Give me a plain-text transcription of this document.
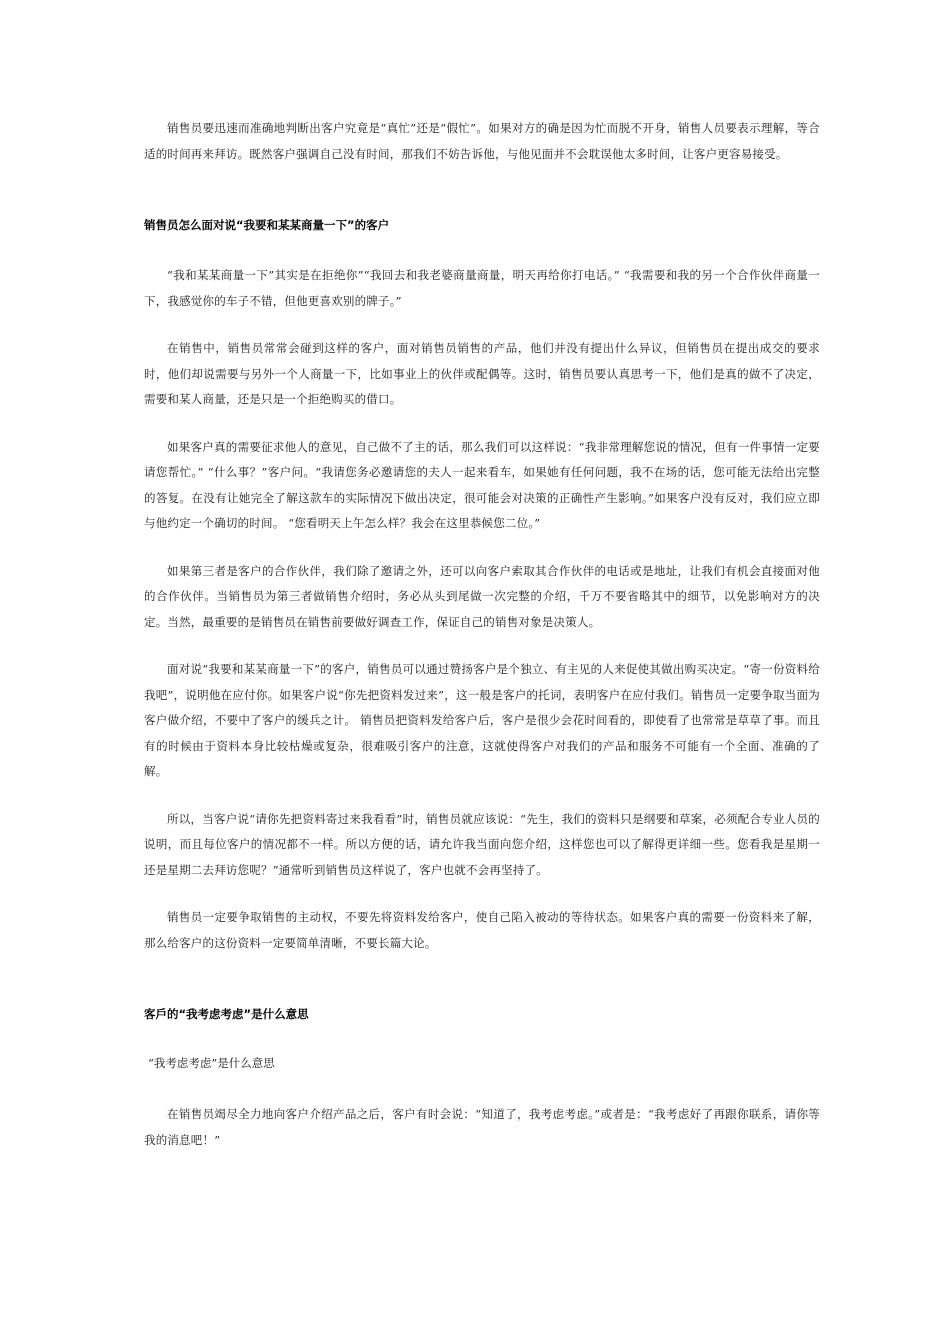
销售员要迅速而准确地判断出客户究竟是“真忙”还是“假忙”。如果对方的确是因为忙而脱不开身，销售人员要表示理解，等合适的时间再来拜访。既然客户强调自己没有时间，那我们不妨告诉他，与他见面并不会耽误他太多时间，让客户更容易接受。

销售员怎么面对说“我要和某某商量一下”的客户

“我和某某商量一下”其实是在拒绝你”“我回去和我老婆商量商量，明天再给你打电话。” “我需要和我的另一个合作伙伴商量一下，我感觉你的车子不错，但他更喜欢别的牌子。”

在销售中，销售员常常会碰到这样的客户，面对销售员销售的产品，他们并没有提出什么异议，但销售员在提出成交的要求时，他们却说需要与另外一个人商量一下，比如事业上的伙伴或配偶等。这时，销售员要认真思考一下，他们是真的做不了决定，需要和某人商量，还是只是一个拒绝购买的借口。

如果客户真的需要征求他人的意见，自己做不了主的话，那么我们可以这样说：“我非常理解您说的情况，但有一件事情一定要请您帮忙。” “什么事？”客户问。“我请您务必邀请您的夫人一起来看车，如果她有任何问题，我不在场的话，您可能无法给出完整的答复。在没有让她完全了解这款车的实际情况下做出决定，很可能会对决策的正确性产生影响。”如果客户没有反对，我们应立即与他约定一个确切的时间。 “您看明天上午怎么样？我会在这里恭候您二位。”

如果第三者是客户的合作伙伴，我们除了邀请之外，还可以向客户索取其合作伙伴的电话或是地址，让我们有机会直接面对他的合作伙伴。当销售员为第三者做销售介绍时，务必从头到尾做一次完整的介绍，千万不要省略其中的细节，以免影响对方的决定。当然，最重要的是销售员在销售前要做好调查工作，保证自己的销售对象是决策人。

面对说“我要和某某商量一下”的客户，销售员可以通过赞扬客户是个独立、有主见的人来促使其做出购买决定。“寄一份资料给我吧”，说明他在应付你。如果客户说“你先把资料发过来”，这一般是客户的托词，表明客户在应付我们。销售员一定要争取当面为客户做介绍，不要中了客户的缓兵之计。 销售员把资料发给客户后，客户是很少会花时间看的，即使看了也常常是草草了事。而且有的时候由于资料本身比较枯燥或复杂，很难吸引客户的注意，这就使得客户对我们的产品和服务不可能有一个全面、准确的了解。

所以，当客户说“请你先把资料寄过来我看看”时，销售员就应该说：“先生，我们的资料只是纲要和草案，必须配合专业人员的说明，而且每位客户的情况都不一样。所以方便的话，请允许我当面向您介绍，这样您也可以了解得更详细一些。您看我是星期一还是星期二去拜访您呢？”通常听到销售员这样说了，客户也就不会再坚持了。

销售员一定要争取销售的主动权，不要先将资料发给客户，使自己陷入被动的等待状态。如果客户真的需要一份资料来了解，那么给客户的这份资料一定要简单清晰，不要长篇大论。

客戶的“我考虑考虑”是什么意思

“我考虑考虑”是什么意思

在销售员竭尽全力地向客户介绍产品之后，客户有时会说：“知道了，我考虑考虑。”或者是：“我考虑好了再跟你联系，请你等我的消息吧！”
